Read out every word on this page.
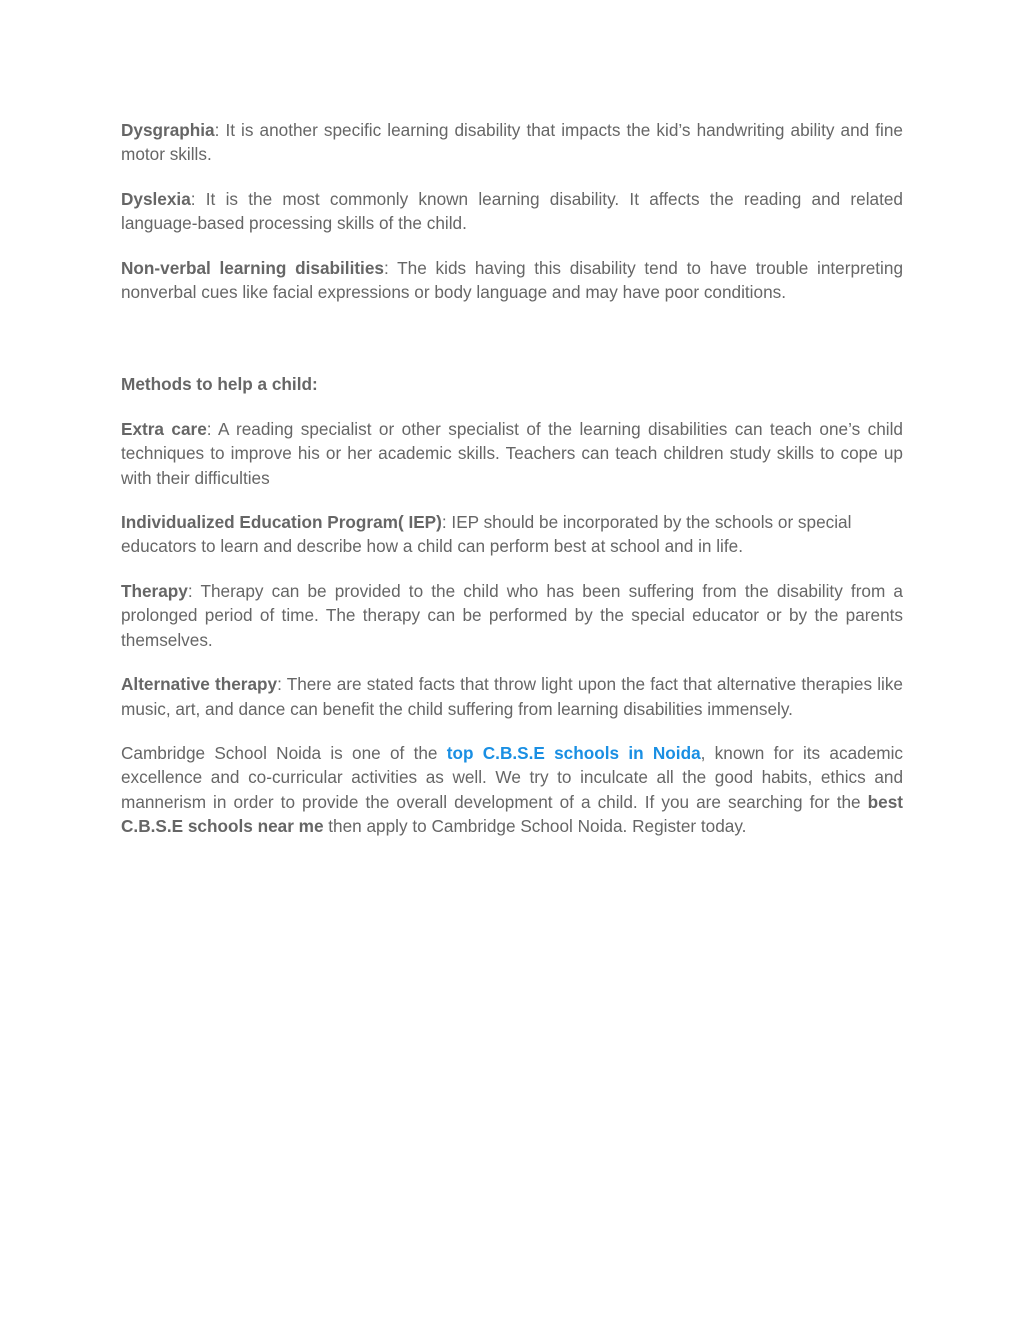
Dysgraphia: It is another specific learning disability that impacts the kid’s handwriting ability and fine motor skills.

Dyslexia: It is the most commonly known learning disability. It affects the reading and related language-based processing skills of the child.

Non-verbal learning disabilities: The kids having this disability tend to have trouble interpreting nonverbal cues like facial expressions or body language and may have poor conditions.

Methods to help a child:

Extra care: A reading specialist or other specialist of the learning disabilities can teach one’s child techniques to improve his or her academic skills. Teachers can teach children study skills to cope up with their difficulties

Individualized Education Program( IEP): IEP should be incorporated by the schools or special educators to learn and describe how a child can perform best at school and in life.

Therapy: Therapy can be provided to the child who has been suffering from the disability from a prolonged period of time. The therapy can be performed by the special educator or by the parents themselves.

Alternative therapy: There are stated facts that throw light upon the fact that alternative therapies like music, art, and dance can benefit the child suffering from learning disabilities immensely.

Cambridge School Noida is one of the top C.B.S.E schools in Noida, known for its academic excellence and co-curricular activities as well. We try to inculcate all the good habits, ethics and mannerism in order to provide the overall development of a child. If you are searching for the best C.B.S.E schools near me then apply to Cambridge School Noida. Register today.
